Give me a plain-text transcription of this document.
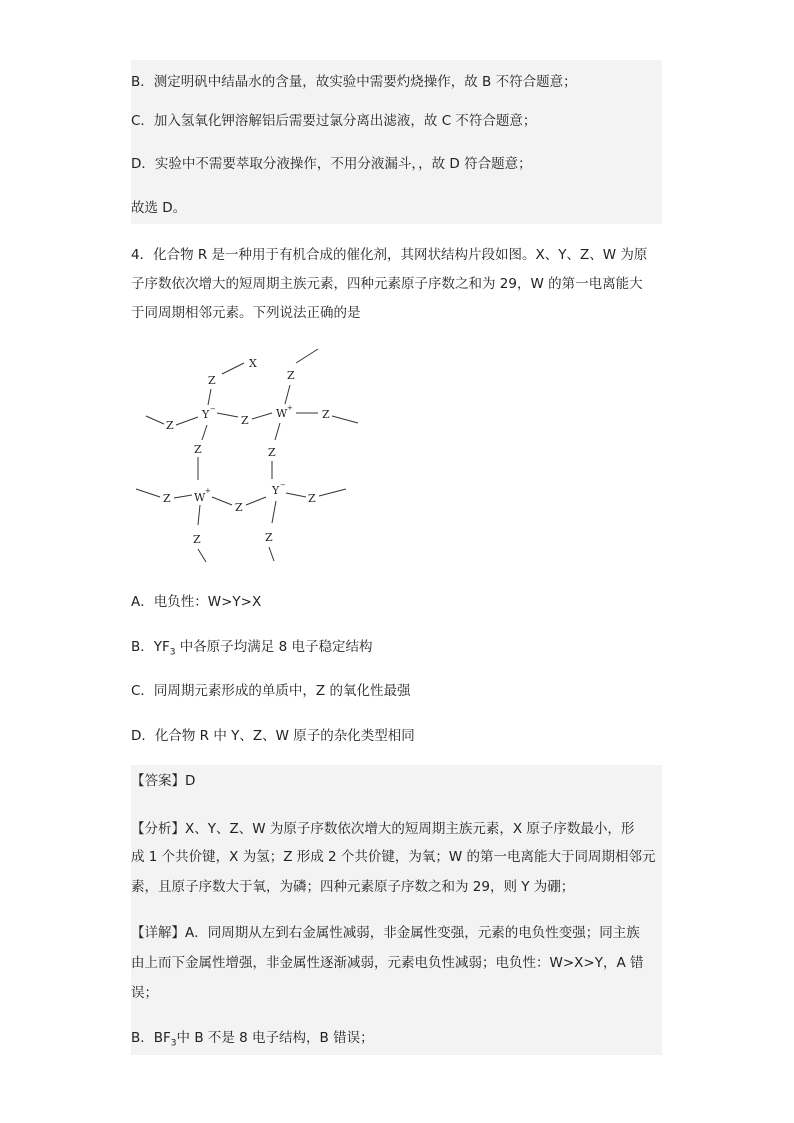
B．测定明矾中结晶水的含量，故实验中需要灼烧操作，故 B 不符合题意；
C．加入氢氧化钾溶解铝后需要过氯分离出滤液，故 C 不符合题意；
D．实验中不需要萃取分液操作，不用分液漏斗，，故 D 符合题意；
故选 D。
4．化合物 R 是一种用于有机合成的催化剂，其网状结构片段如图。X、Y、Z、W 为原
子序数依次增大的短周期主族元素，四种元素原子序数之和为 29，W 的第一电离能大
于同周期相邻元素。下列说法正确的是
X
Z
Y −
Z	Z
Z
Z
W +	Z
Z
Z W +
Z
Z
Y −
Z
Z
A．电负性：W>Y>X
B．$YF_3$ 中各原子均满足 8 电子稳定结构
C．同周期元素形成的单质中，Z 的氧化性最强
D．化合物 R 中 Y、Z、W 原子的杂化类型相同
【答案】D
【分析】X、Y、Z、W 为原子序数依次增大的短周期主族元素，X 原子序数最小，形
成 1 个共价键，X 为氢；Z 形成 2 个共价键，为氧；W 的第一电离能大于同周期相邻元
素，且原子序数大于氧，为磷；四种元素原子序数之和为 29，则 Y 为硼；
【详解】A．同周期从左到右金属性减弱，非金属性变强，元素的电负性变强；同主族
由上而下金属性增强，非金属性逐渐减弱，元素电负性减弱；电负性：W>X>Y，A 错
误；
B．$BF_3$中 B 不是 8 电子结构，B 错误；
